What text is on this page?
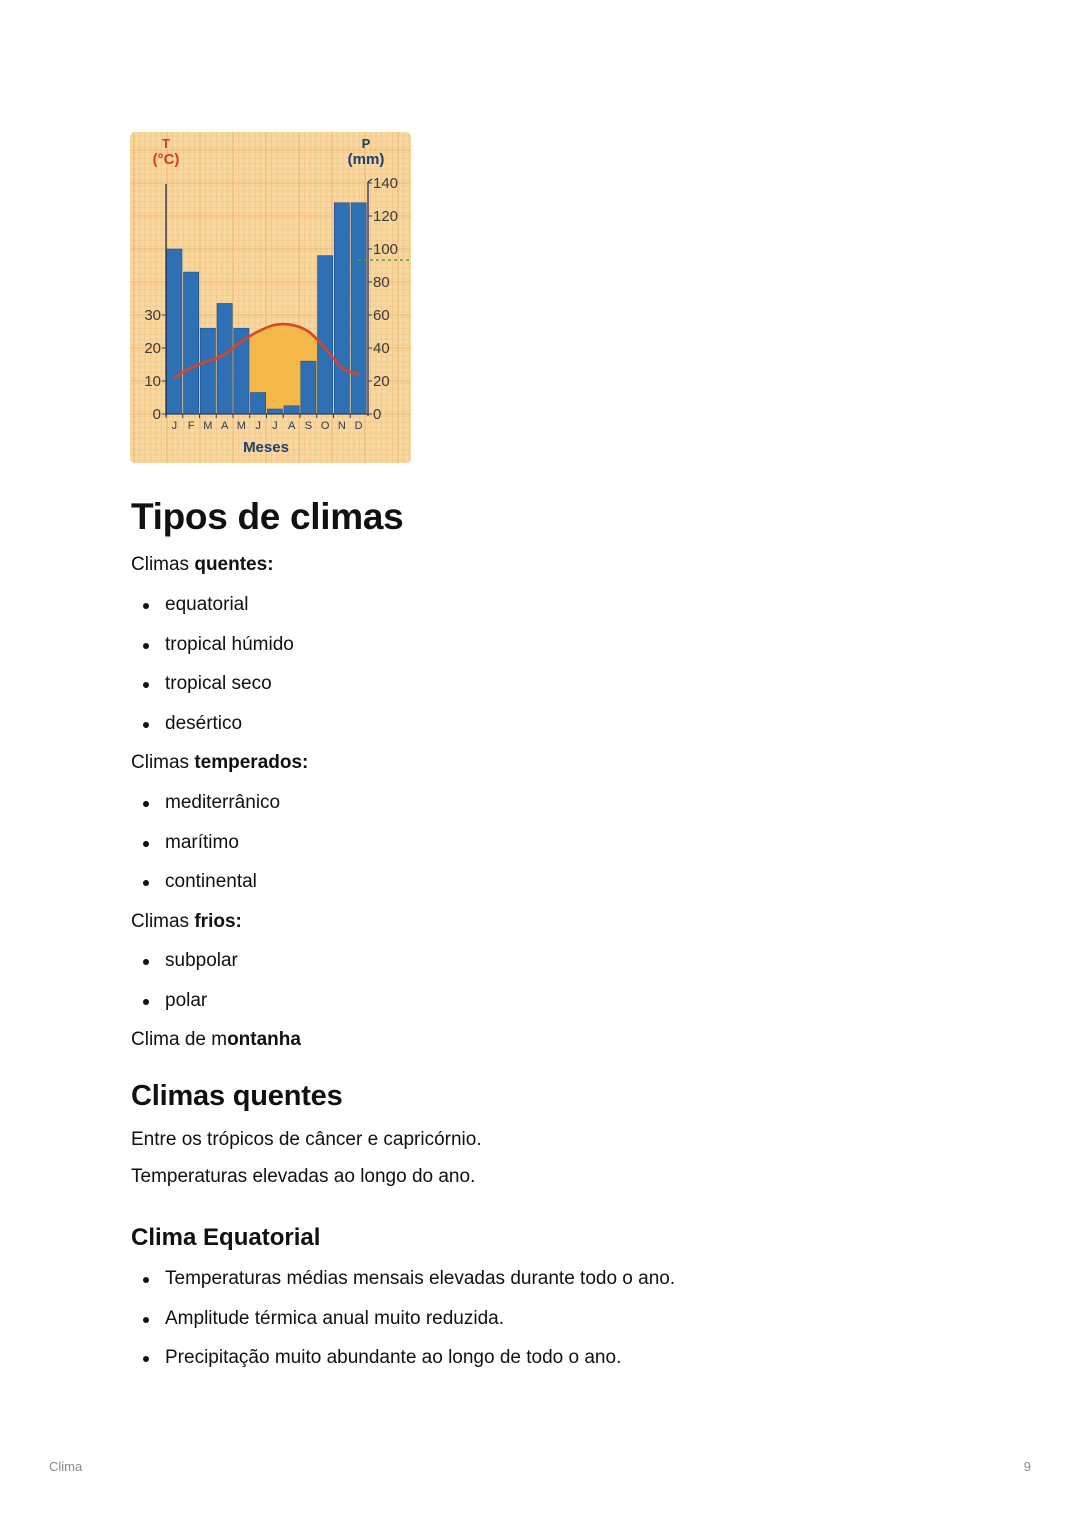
0
10
20
30
0
20
40
60
80
100
120
140
J F M A M J J A S O N D
T
(°C)
P
(mm)
Meses
Tipos de climas

Climas quentes:

equatorial
tropical húmido
tropical seco
desértico

Climas temperados:

mediterrânico
marítimo
continental

Climas frios:

subpolar
polar

Clima de montanha

Climas quentes

Entre os trópicos de câncer e capricórnio.

Temperaturas elevadas ao longo do ano.

Clima Equatorial
Temperaturas médias mensais elevadas durante todo o ano.
Amplitude térmica anual muito reduzida.
Precipitação muito abundante ao longo de todo o ano.
Clima	9
